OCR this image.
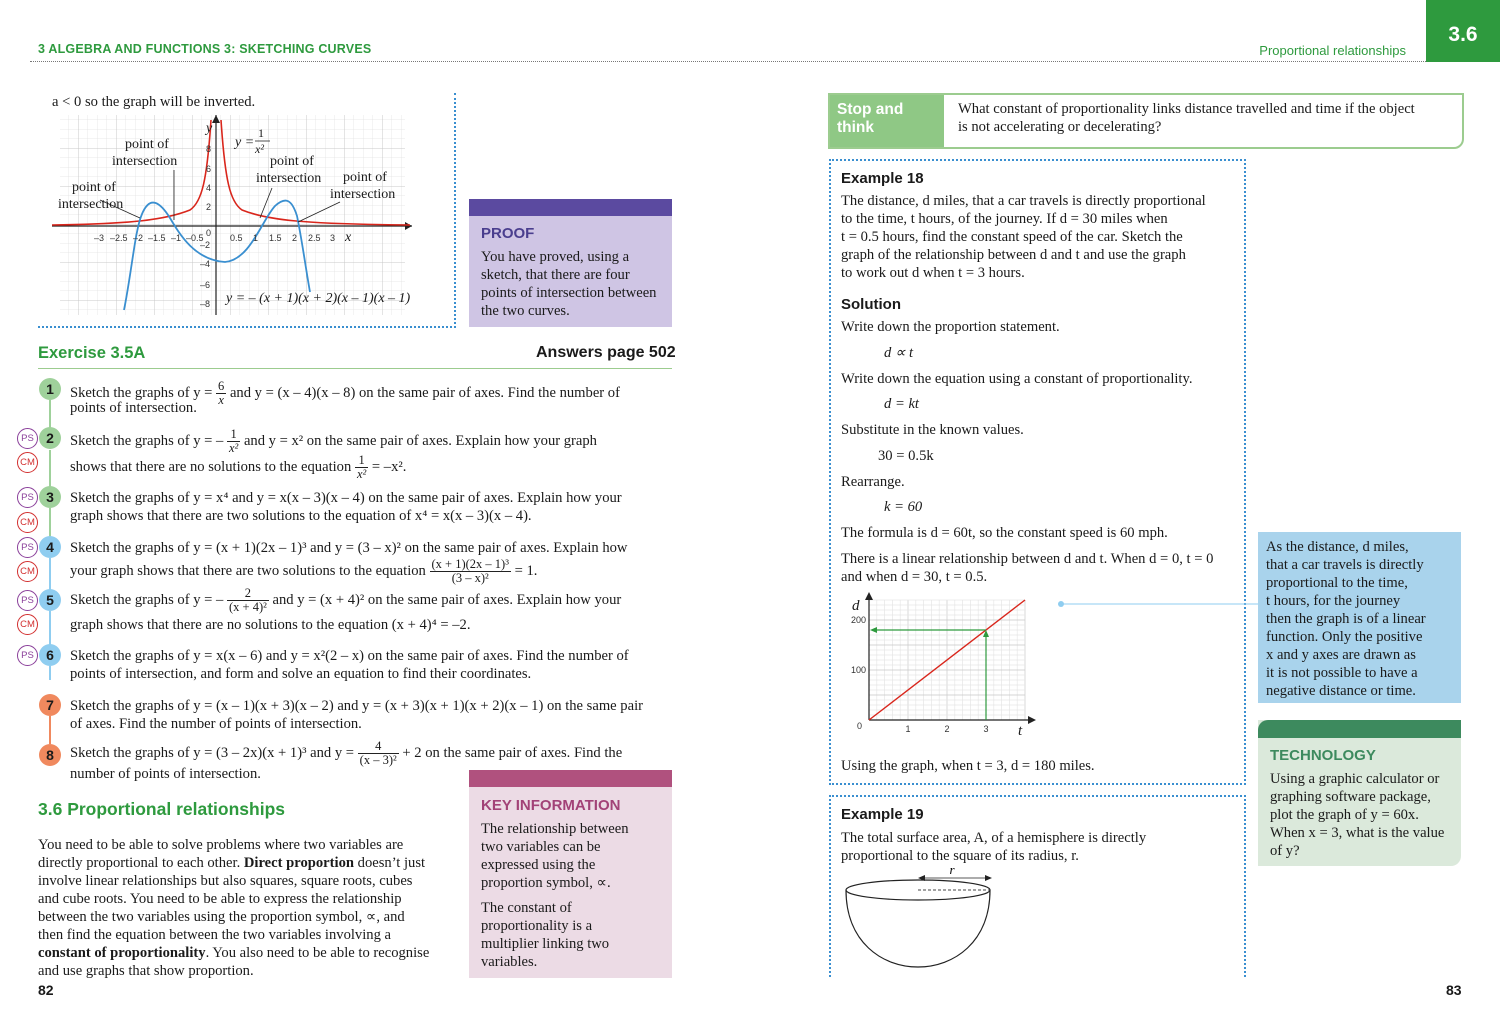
3 ALGEBRA AND FUNCTIONS 3: SKETCHING CURVES	Proportional relationships
3.6
a < 0 so the graph will be inverted.
–3 –2.5 –2 –1.5 –1 –0.5 0 0.5 1 1.5 2 2.5 3
8
6
4
2
–2
–4
–6
–8
point of
intersection
point of
intersection
point of
intersection point of
intersection
y
x
y =
1
x²
y = – (x + 1)(x + 2)(x – 1)(x – 1)
PROOF
You have proved, using a sketch, that there are four points of intersection between the two curves.
Exercise 3.5A	Answers page 502
1	Sketch the graphs of $y = \frac{6}{x}$ and y = (x – 4)(x – 8) on the same pair of axes. Find the number of
points of intersection.
PS
CM
2	Sketch the graphs of y = – $\frac{1}{\text{x²}}$ and y = x² on the same pair of axes. Explain how your graph
shows that there are no solutions to the equation $\frac{1}{\text{x²}} = -x^2$.
PS
CM
3	Sketch the graphs of y = x⁴ and y = x(x – 3)(x – 4) on the same pair of axes. Explain how your
graph shows that there are two solutions to the equation of x⁴ = x(x – 3)(x – 4).
PS
CM
4	Sketch the graphs of y = (x + 1)(2x – 1)³ and y = (3 – x)² on the same pair of axes. Explain how
your graph shows that there are two solutions to the equation $\frac{\text{(x + 1)(2x – 1)³}}{\text{(3 – x)²}} = 1$.
PS
CM
5	Sketch the graphs of y = – $\frac{2}{\text{(x + 4)²}}$ and y = (x + 4)² on the same pair of axes. Explain how your
graph shows that there are no solutions to the equation (x + 4)⁴ = –2.
PS 6	Sketch the graphs of y = x(x – 6) and y = x²(2 – x) on the same pair of axes. Find the number of
points of intersection, and form and solve an equation to find their coordinates.
7	Sketch the graphs of y = (x – 1)(x + 3)(x – 2) and y = (x + 3)(x + 1)(x + 2)(x – 1) on the same pair
of axes. Find the number of points of intersection.
8	Sketch the graphs of y = (3 – 2x)(x + 1)³ and $y = \frac{4}{\text{(x – 3)²}} + 2$ on the same pair of axes. Find the
number of points of intersection.
3.6 Proportional relationships
You need to be able to solve problems where two variables are
directly proportional to each other. Direct proportion doesn’t just
involve linear relationships but also squares, square roots, cubes
and cube roots. You need to be able to express the relationship
between the two variables using the proportion symbol, ∝, and
then find the equation between the two variables involving a
constant of proportionality. You also need to be able to recognise
and use graphs that show proportion.
KEY INFORMATION
The relationship between
two variables can be
expressed using the
proportion symbol, ∝.
The constant of
proportionality is a
multiplier linking two
variables.
82
Stop and think
What constant of proportionality links distance travelled and time if the object
is not accelerating or decelerating?
Example 18
The distance, d miles, that a car travels is directly proportional
to the time, t hours, of the journey. If d = 30 miles when
t = 0.5 hours, find the constant speed of the car. Sketch the
graph of the relationship between d and t and use the graph
to work out d when t = 3 hours.
Solution
Write down the proportion statement.
d ∝ t
Write down the equation using a constant of proportionality.
d = kt
Substitute in the known values.
30 = 0.5k
Rearrange.
k = 60
The formula is d = 60t, so the constant speed is 60 mph.
There is a linear relationship between d and t. When d = 0, t = 0
and when d = 30, t = 0.5.
1	2	3
100
200
0
d
t
Using the graph, when t = 3, d = 180 miles.
As the distance, d miles,
that a car travels is directly
proportional to the time,
t hours, for the journey
then the graph is of a linear
function. Only the positive
x and y axes are drawn as
it is not possible to have a
negative distance or time.
TECHNOLOGY
Using a graphic calculator or
graphing software package,
plot the graph of y = 60x.
When x = 3, what is the value
of y?
Example 19
The total surface area, A, of a hemisphere is directly
proportional to the square of its radius, r.
r
83
